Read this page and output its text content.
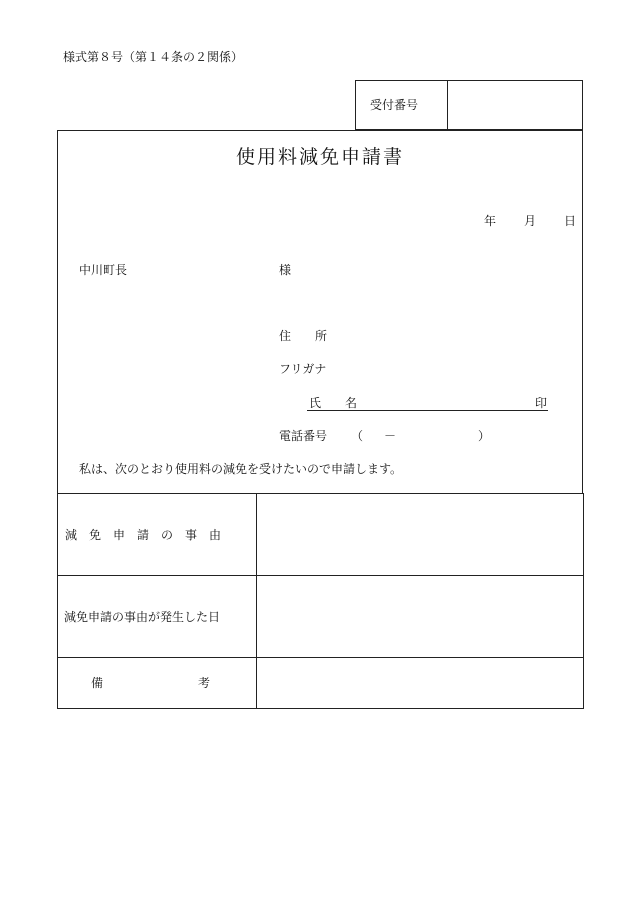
様式第８号（第１４条の２関係）
受付番号
使用料減免申請書
年 月 日
中川町長	様
住　　所
フリガナ
氏　　名	印
電話番号 （ －	）
私は、次のとおり使用料の減免を受けたいので申請します。
減　免　申　請　の　事　由	

減免申請の事由が発生した日	

備 考	
